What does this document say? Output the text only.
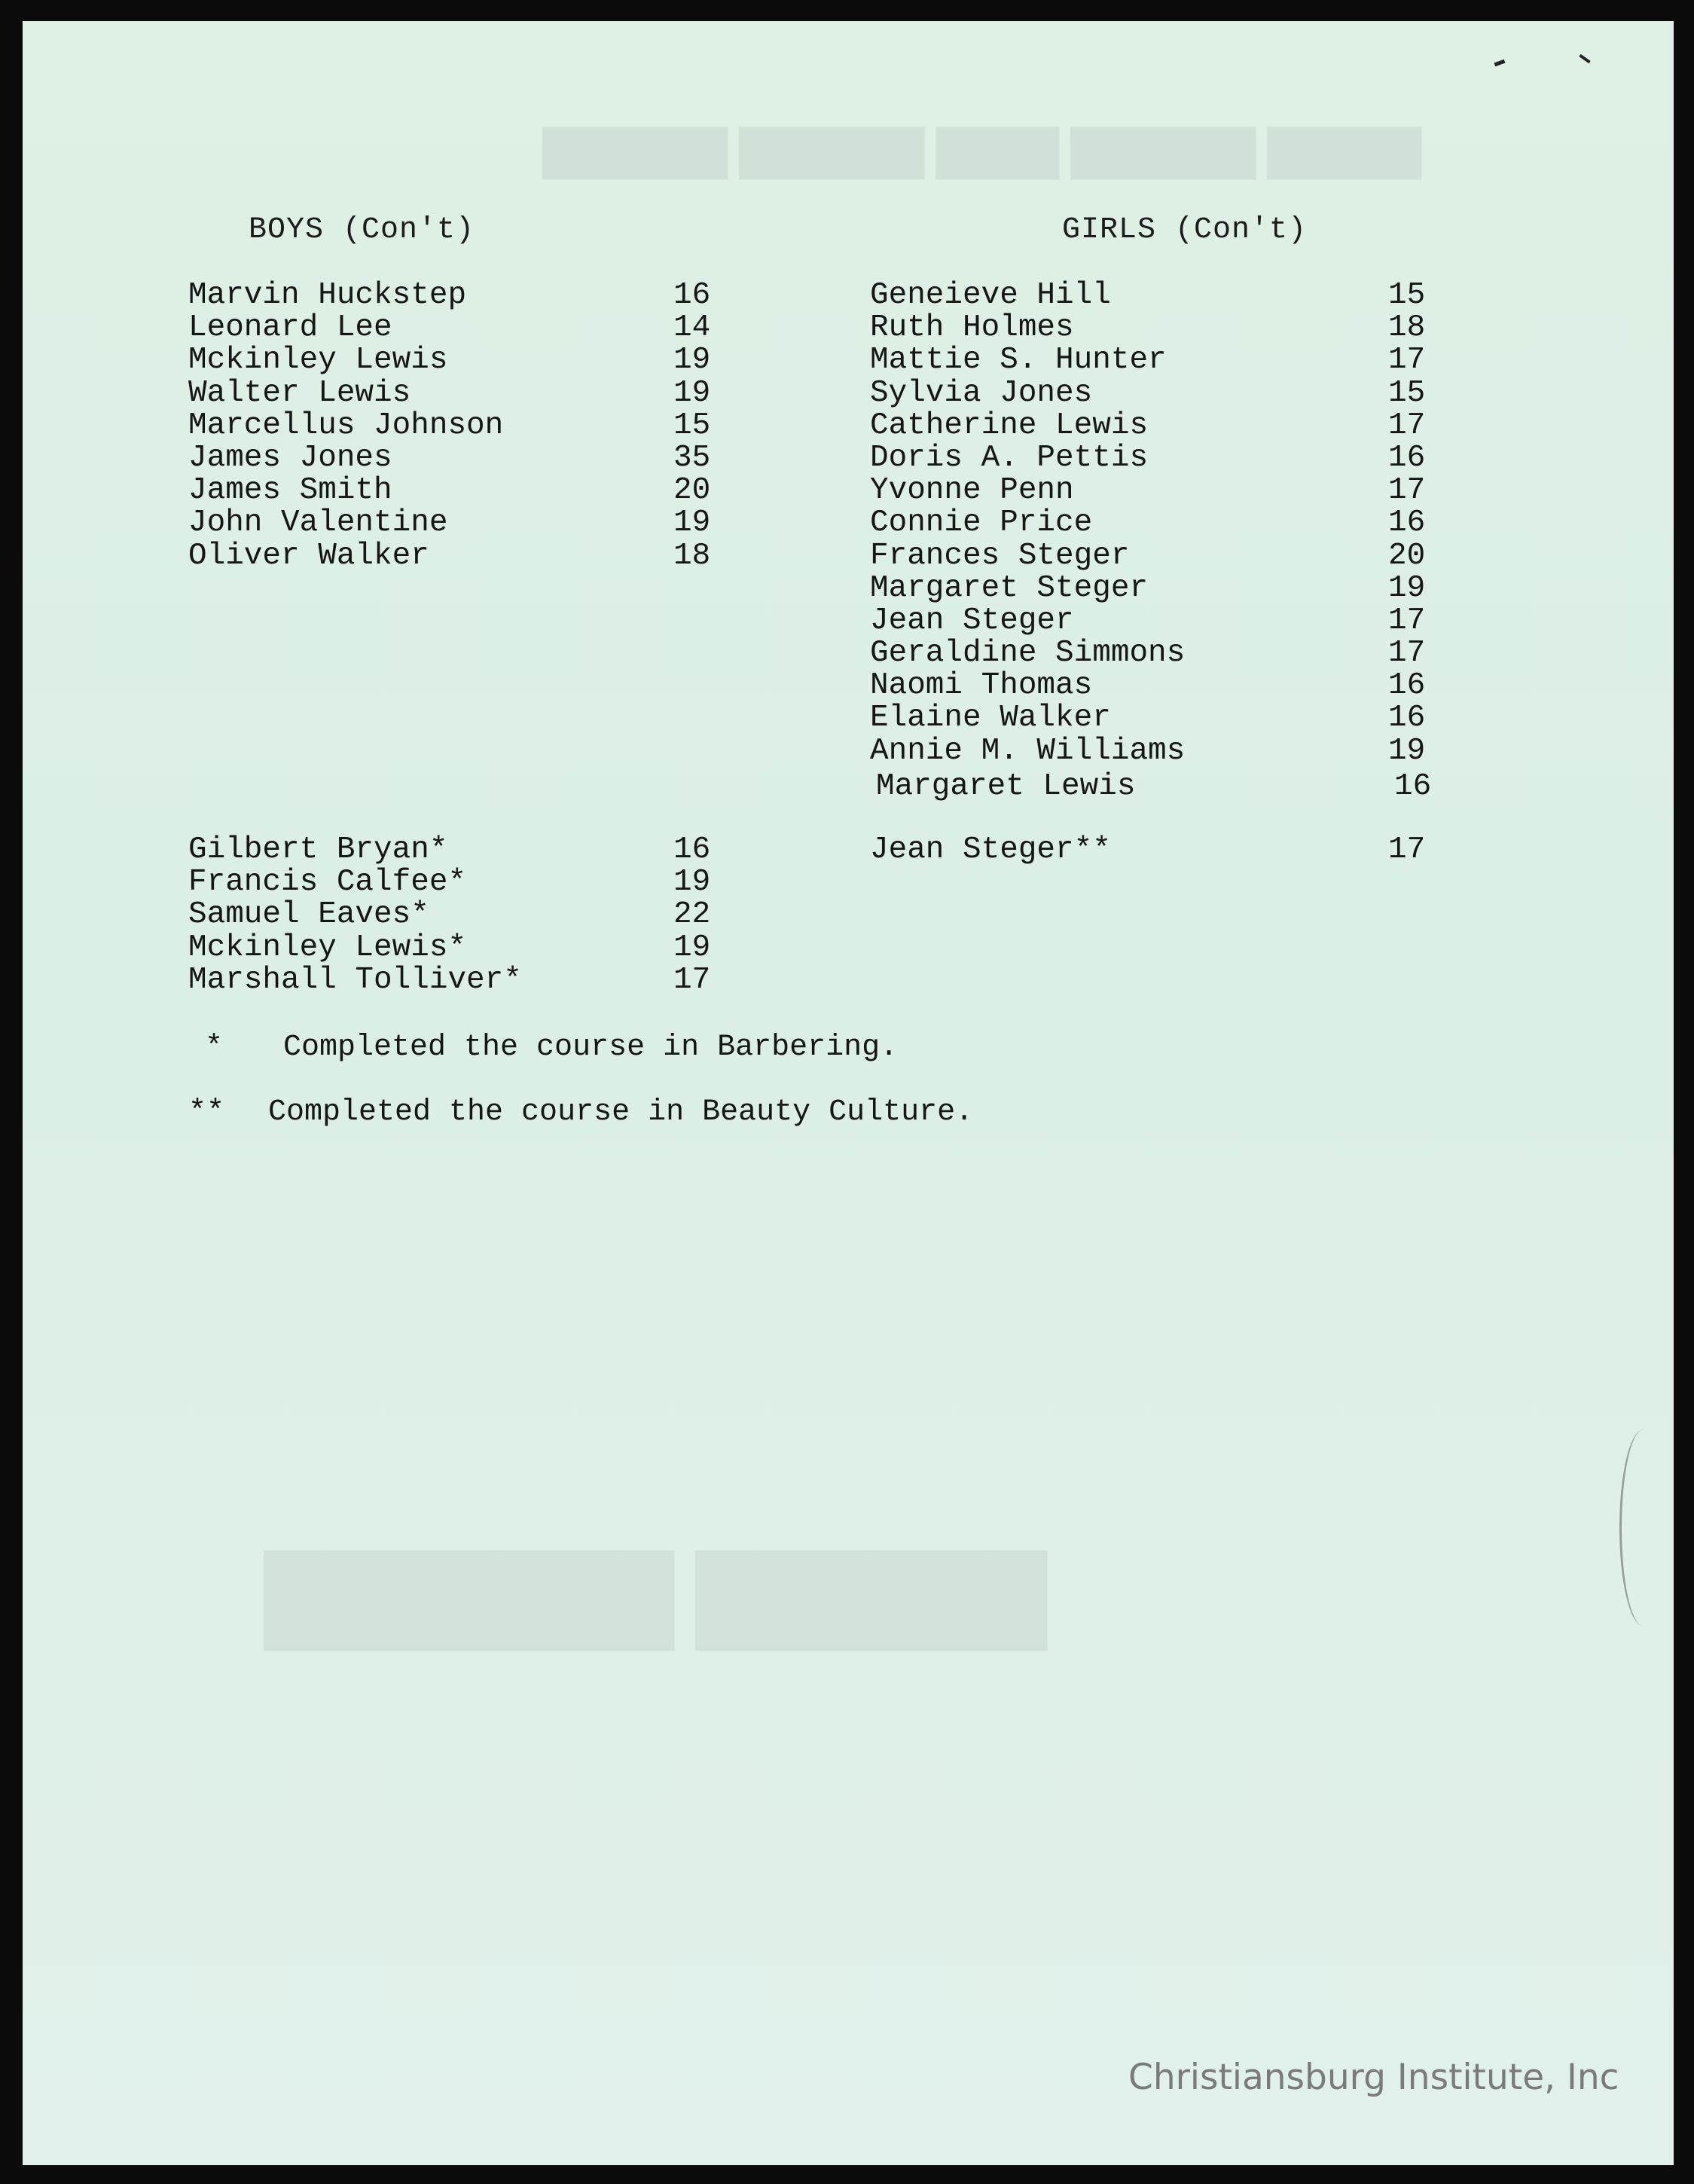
█████ ██████ ████ ██████ ██████
██████ ███████
BOYS (Con't)	GIRLS (Con't)
Marvin Huckstep	16
Leonard Lee	14
Mckinley Lewis	19
Walter Lewis	19
Marcellus Johnson	15
James Jones	35
James Smith	20
John Valentine	19
Oliver Walker	18
Geneieve Hill	15
Ruth Holmes	18
Mattie S. Hunter	17
Sylvia Jones	15
Catherine Lewis	17
Doris A. Pettis	16
Yvonne Penn	17
Connie Price	16
Frances Steger	20
Margaret Steger	19
Jean Steger	17
Geraldine Simmons	17
Naomi Thomas	16
Elaine Walker	16
Annie M. Williams	19
Margaret Lewis	16
Gilbert Bryan*	16
Francis Calfee*	19
Samuel Eaves*	22
Mckinley Lewis*	19
Marshall Tolliver*	17
Jean Steger**	17
* Completed the course in Barbering.
** Completed the course in Beauty Culture.
Christiansburg Institute, Inc
